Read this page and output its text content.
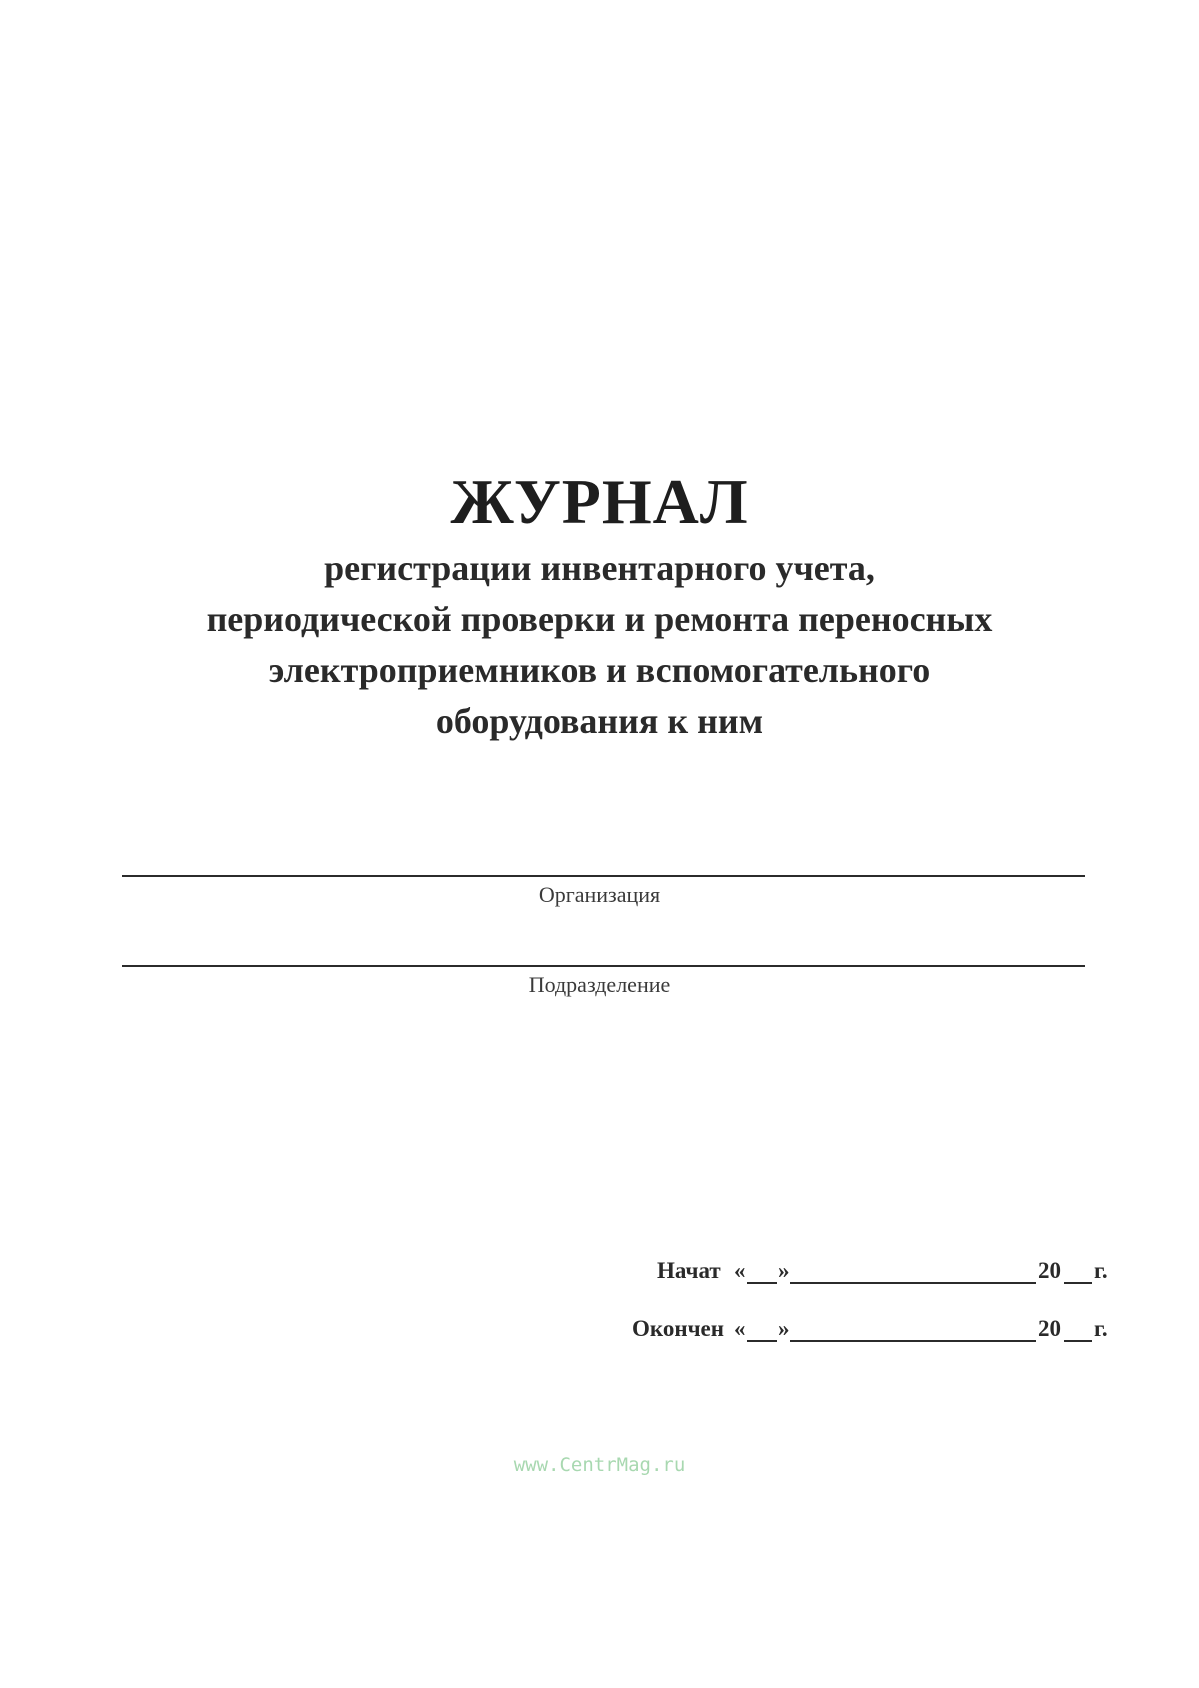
ЖУРНАЛ
регистрации инвентарного учета,
периодической проверки и ремонта переносных
электроприемников и вспомогательного
оборудования к ним
Организация
Подразделение
Начат « »	20 г.
Окончен « »	20 г.
www.CentrMag.ru
